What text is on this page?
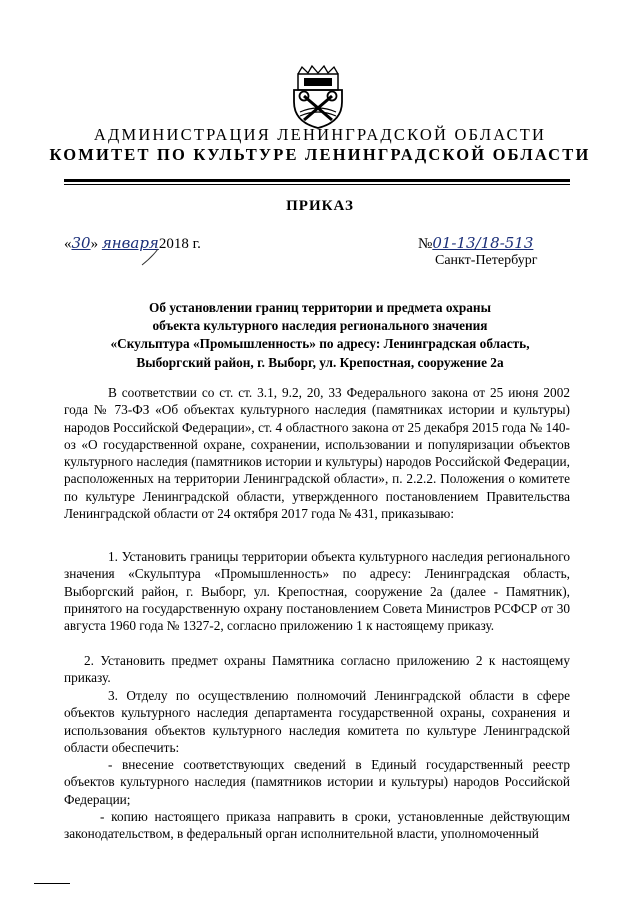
АДМИНИСТРАЦИЯ ЛЕНИНГРАДСКОЙ ОБЛАСТИ
КОМИТЕТ ПО КУЛЬТУРЕ ЛЕНИНГРАДСКОЙ ОБЛАСТИ
ПРИКАЗ
«30» января2018 г.	№01-13/18-513
Санкт-Петербург
Об установлении границ территории и предмета охраны
объекта культурного наследия регионального значения
«Скульптура «Промышленность» по адресу: Ленинградская область,
Выборгский район, г. Выборг, ул. Крепостная, сооружение 2а

В соответствии со ст. ст. 3.1, 9.2, 20, 33 Федерального закона от 25 июня 2002 года № 73-ФЗ «Об объектах культурного наследия (памятниках истории и культуры) народов Российской Федерации», ст. 4 областного закона от 25 декабря 2015 года № 140-оз «О государственной охране, сохранении, использовании и популяризации объектов культурного наследия (памятников истории и культуры) народов Российской Федерации, расположенных на территории Ленинградской области», п. 2.2.2. Положения о комитете по культуре Ленинградской области, утвержденного постановлением Правительства Ленинградской области от 24 октября 2017 года № 431, приказываю:

1. Установить границы территории объекта культурного наследия регионального значения «Скульптура «Промышленность» по адресу: Ленинградская область, Выборгский район, г. Выборг, ул. Крепостная, сооружение 2а (далее - Памятник), принятого на государственную охрану постановлением Совета Министров РСФСР от 30 августа 1960 года № 1327-2, согласно приложению 1 к настоящему приказу.

2. Установить предмет охраны Памятника согласно приложению 2 к настоящему приказу.

3. Отделу по осуществлению полномочий Ленинградской области в сфере объектов культурного наследия департамента государственной охраны, сохранения и использования объектов культурного наследия комитета по культуре Ленинградской области обеспечить:

- внесение соответствующих сведений в Единый государственный реестр объектов культурного наследия (памятников истории и культуры) народов Российской Федерации;

- копию настоящего приказа направить в сроки, установленные действующим законодательством, в федеральный орган исполнительной власти, уполномоченный
